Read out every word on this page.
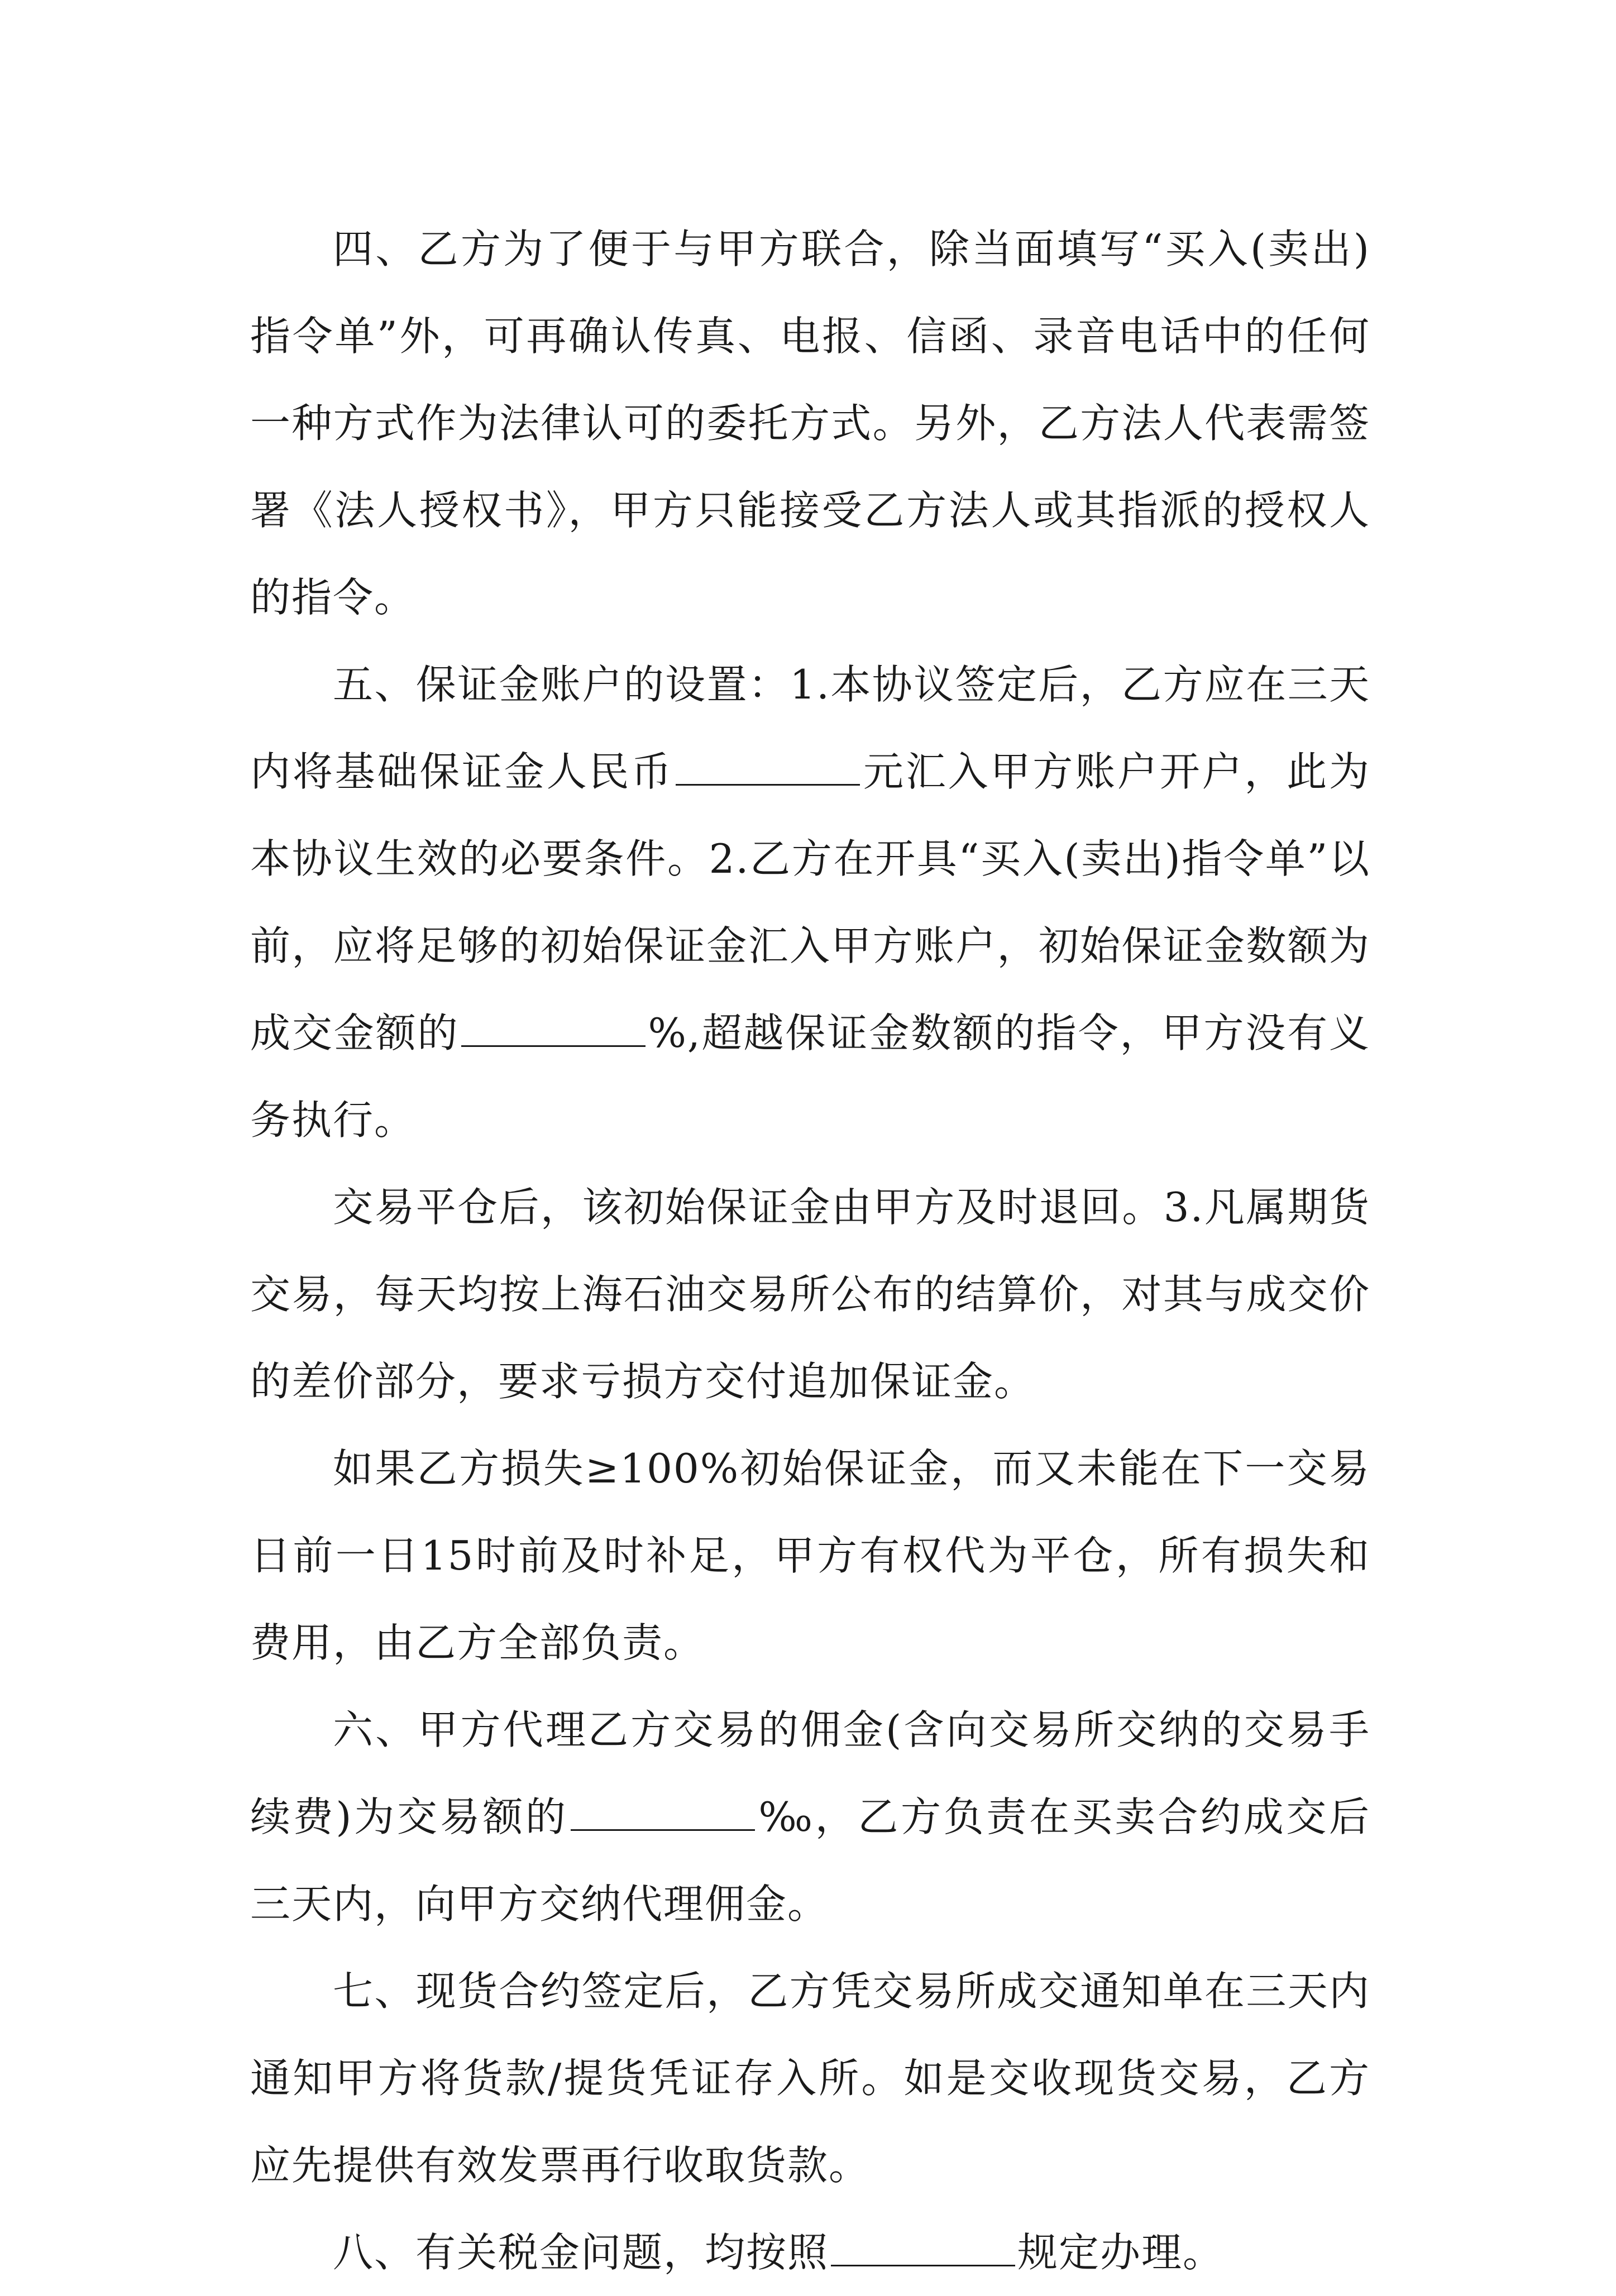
四、乙方为了便于与甲方联合，除当面填写“买入(卖出)指令单”外，可再确认传真、电报、信函、录音电话中的任何一种方式作为法律认可的委托方式。另外，乙方法人代表需签署《法人授权书》，甲方只能接受乙方法人或其指派的授权人的指令。

五、保证金账户的设置：1.本协议签定后，乙方应在三天内将基础保证金人民币	元汇入甲方账户开户，此为本协议生效的必要条件。2.乙方在开具“买入(卖出)指令单”以前，应将足够的初始保证金汇入甲方账户，初始保证金数额为成交金额的	%,超越保证金数额的指令，甲方没有义务执行。

交易平仓后，该初始保证金由甲方及时退回。3.凡属期货交易，每天均按上海石油交易所公布的结算价，对其与成交价的差价部分，要求亏损方交付追加保证金。

如果乙方损失≥100%初始保证金，而又未能在下一交易日前一日15时前及时补足，甲方有权代为平仓，所有损失和费用，由乙方全部负责。

六、甲方代理乙方交易的佣金(含向交易所交纳的交易手续费)为交易额的	‰，乙方负责在买卖合约成交后三天内，向甲方交纳代理佣金。

七、现货合约签定后，乙方凭交易所成交通知单在三天内通知甲方将货款/提货凭证存入所。如是交收现货交易，乙方应先提供有效发票再行收取货款。

八、有关税金问题，均按照	规定办理。
